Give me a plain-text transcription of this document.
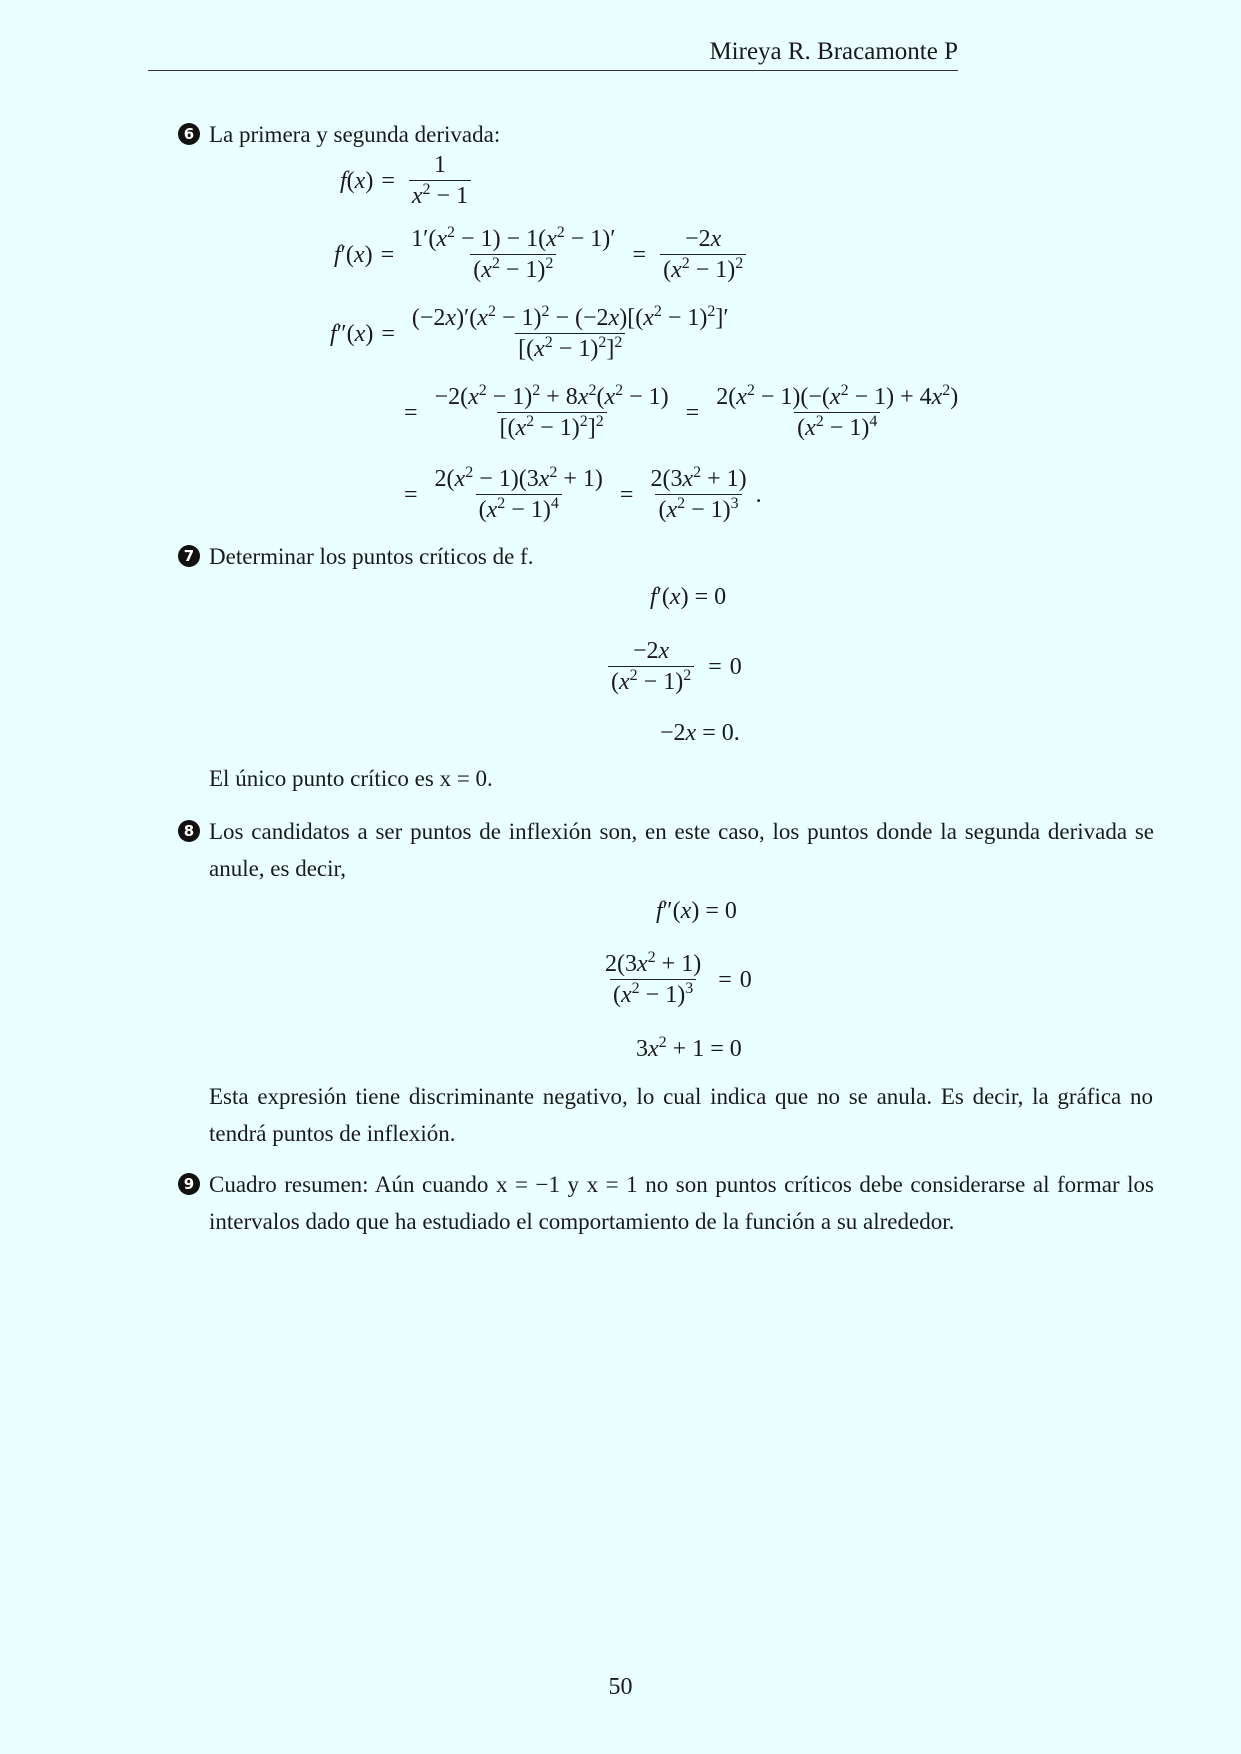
Mireya R. Bracamonte P
6 La primera y segunda derivada:
$f(x) = \frac{1}{x^2 - 1}$
$f'(x) = \frac{1'(x^2 - 1) - 1(x^2 - 1)'}{(x^2 - 1)^2} = \frac{-2x}{(x^2 - 1)^2}$
$f''(x) = \frac{(-2x)'(x^2 - 1)^2 - (-2x)[(x^2 - 1)^2]'}{[(x^2 - 1)^2]^2}$
= $\frac{-2(x^2 - 1)^2 + 8x^2(x^2 - 1)}{[(x^2 - 1)^2]^2} = \frac{2(x^2 - 1)(-(x^2 - 1) + 4x^2)}{(x^2 - 1)^4}$
= $\frac{2(x^2 - 1)(3x^2 + 1)}{(x^2 - 1)^4} = \frac{2(3x^2 + 1)}{(x^2 - 1)^3}$ .
7 Determinar los puntos críticos de f.
f′(x) = 0
$\frac{-2x}{(x^2 - 1)^2} = 0$
−2x = 0.
El único punto crítico es x = 0.
8 Los candidatos a ser puntos de inflexión son, en este caso, los puntos donde la segunda derivada se anule, es decir,
f″(x) = 0
$\frac{2(3x^2 + 1)}{(x^2 - 1)^3} = 0$
$3x^2 + 1 = 0$
Esta expresión tiene discriminante negativo, lo cual indica que no se anula. Es decir, la gráfica no tendrá puntos de inflexión.
9 Cuadro resumen: Aún cuando x = −1 y x = 1 no son puntos críticos debe considerarse al formar los intervalos dado que ha estudiado el comportamiento de la función a su alrededor.
50
